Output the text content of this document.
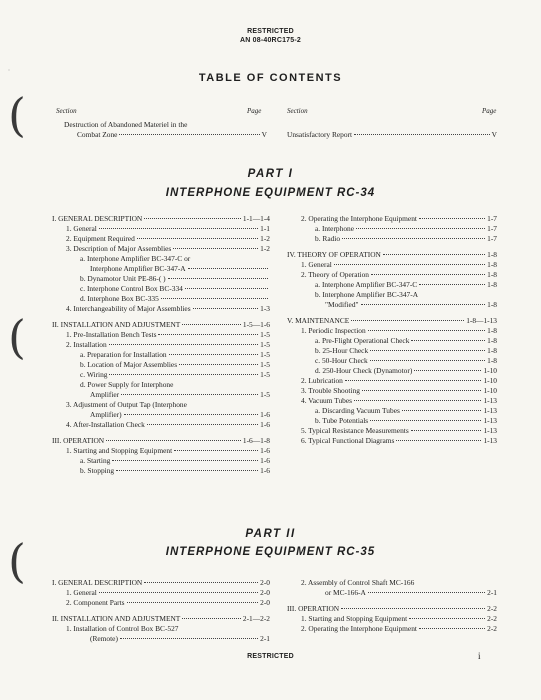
(
(
(
ˈ
RESTRICTED
AN 08-40RC175-2
TABLE OF CONTENTS
Section	Page	Section	Page
Destruction of Abandoned Materiel in the
Combat Zone	V	Unsatisfactory Report	V
PART I
INTERPHONE EQUIPMENT RC-34
I. GENERAL DESCRIPTION	1-1—1-4
1. General	1-1
2. Equipment Required	1-2
3. Description of Major Assemblies	1-2
a. Interphone Amplifier BC-347-C or
Interphone Amplifier BC-347-A
b. Dynamotor Unit PE-86-( )
c. Interphone Control Box BC-334
d. Interphone Box BC-335
4. Interchangeability of Major Assemblies	1-3
II. INSTALLATION AND ADJUSTMENT	1-5—1-6
1. Pre-Installation Bench Tests	1-5
2. Installation	1-5
a. Preparation for Installation	1-5
b. Location of Major Assemblies	1-5
c. Wiring	1-5
d. Power Supply for Interphone
Amplifier	1-5
3. Adjustment of Output Tap (Interphone
Amplifier)	1-6
4. After-Installation Check	1-6
III. OPERATION	1-6—1-8
1. Starting and Stopping Equipment	1-6
a. Starting	1-6
b. Stopping	1-6
2. Operating the Interphone Equipment	1-7
a. Interphone	1-7
b. Radio	1-7
IV. THEORY OF OPERATION	1-8
1. General	1-8
2. Theory of Operation	1-8
a. Interphone Amplifier BC-347-C	1-8
b. Interphone Amplifier BC-347-A
"Modified"	1-8
V. MAINTENANCE	1-8—1-13
1. Periodic Inspection	1-8
a. Pre-Flight Operational Check	1-8
b. 25-Hour Check	1-8
c. 50-Hour Check	1-8
d. 250-Hour Check (Dynamotor)	1-10
2. Lubrication	1-10
3. Trouble Shooting	1-10
4. Vacuum Tubes	1-13
a. Discarding Vacuum Tubes	1-13
b. Tube Potentials	1-13
5. Typical Resistance Measurements	1-13
6. Typical Functional Diagrams	1-13
PART II
INTERPHONE EQUIPMENT RC-35
I. GENERAL DESCRIPTION	2-0
1. General	2-0
2. Component Parts	2-0
II. INSTALLATION AND ADJUSTMENT	2-1—2-2
1. Installation of Control Box BC-527
(Remote)	2-1
2. Assembly of Control Shaft MC-166
or MC-166-A	2-1
III. OPERATION	2-2
1. Starting and Stopping Equipment	2-2
2. Operating the Interphone Equipment	2-2
RESTRICTED	i
